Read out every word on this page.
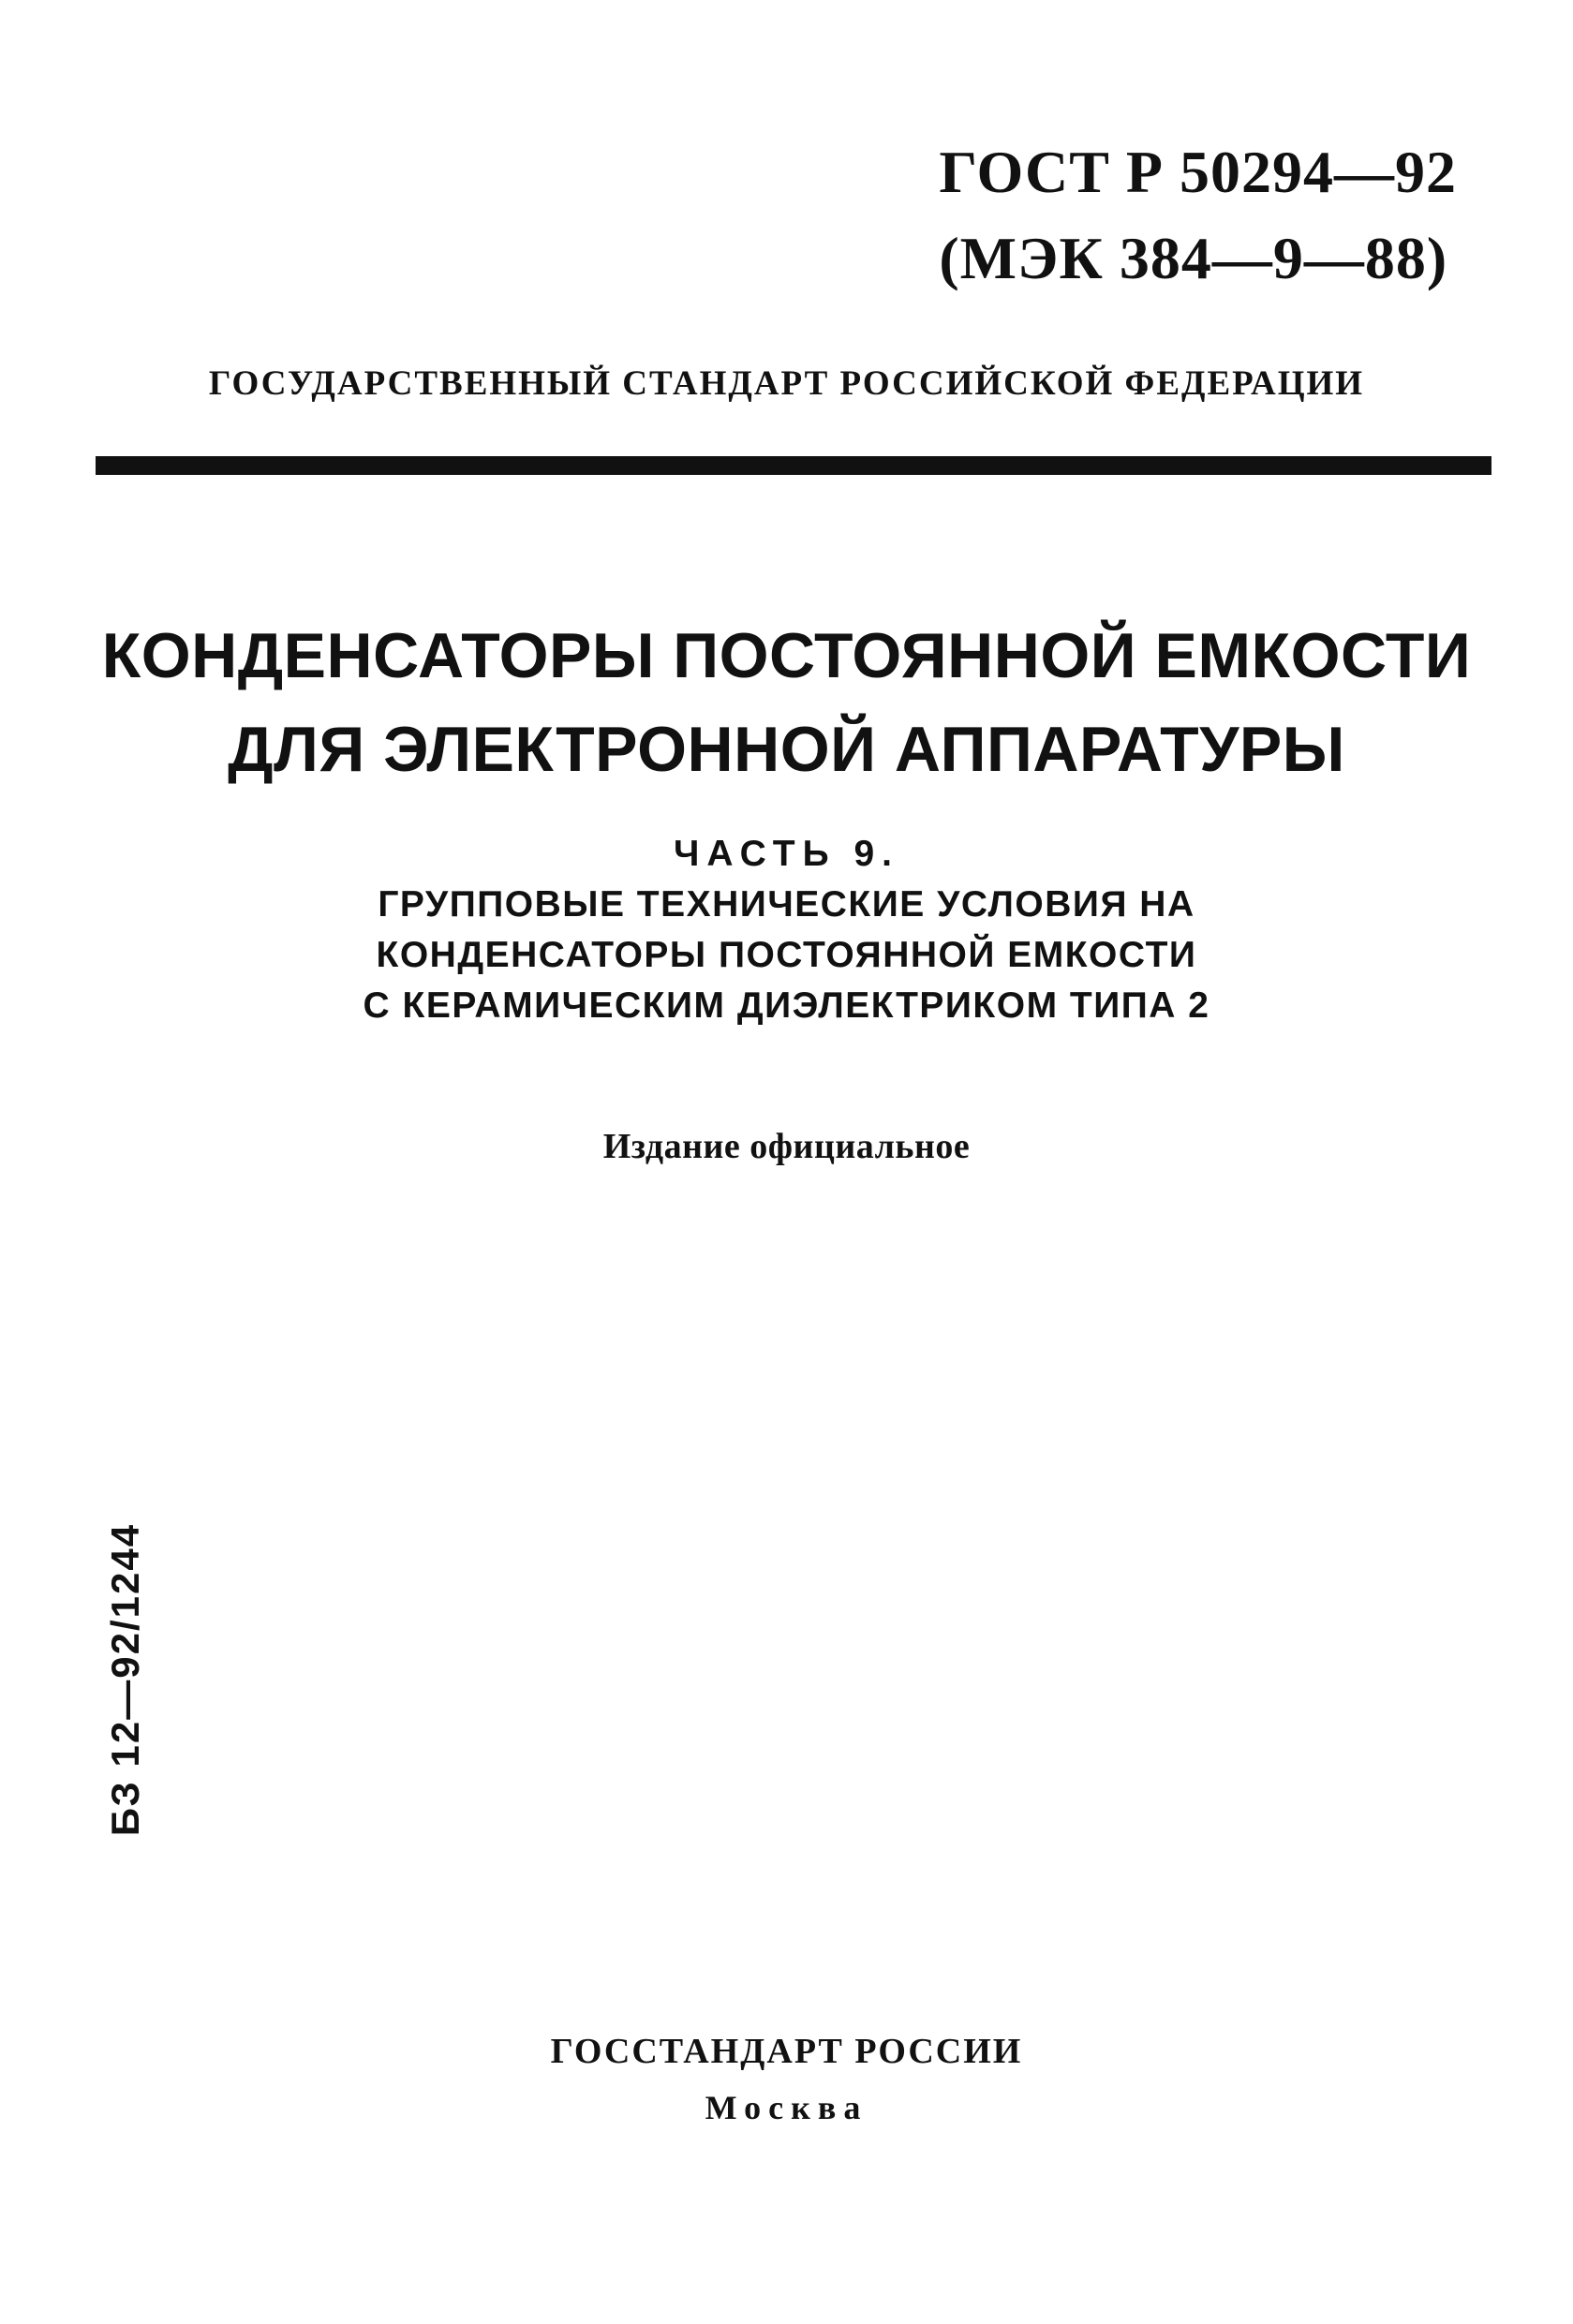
ГОСТ Р 50294—92
(МЭК 384—9—88)
ГОСУДАРСТВЕННЫЙ СТАНДАРТ РОССИЙСКОЙ ФЕДЕРАЦИИ
КОНДЕНСАТОРЫ ПОСТОЯННОЙ ЕМКОСТИ
ДЛЯ ЭЛЕКТРОННОЙ АППАРАТУРЫ
ЧАСТЬ 9.
ГРУППОВЫЕ ТЕХНИЧЕСКИЕ УСЛОВИЯ НА
КОНДЕНСАТОРЫ ПОСТОЯННОЙ ЕМКОСТИ
С КЕРАМИЧЕСКИМ ДИЭЛЕКТРИКОМ ТИПА 2
Издание официальное
БЗ 12—92/1244
ГОССТАНДАРТ РОССИИ
Москва
